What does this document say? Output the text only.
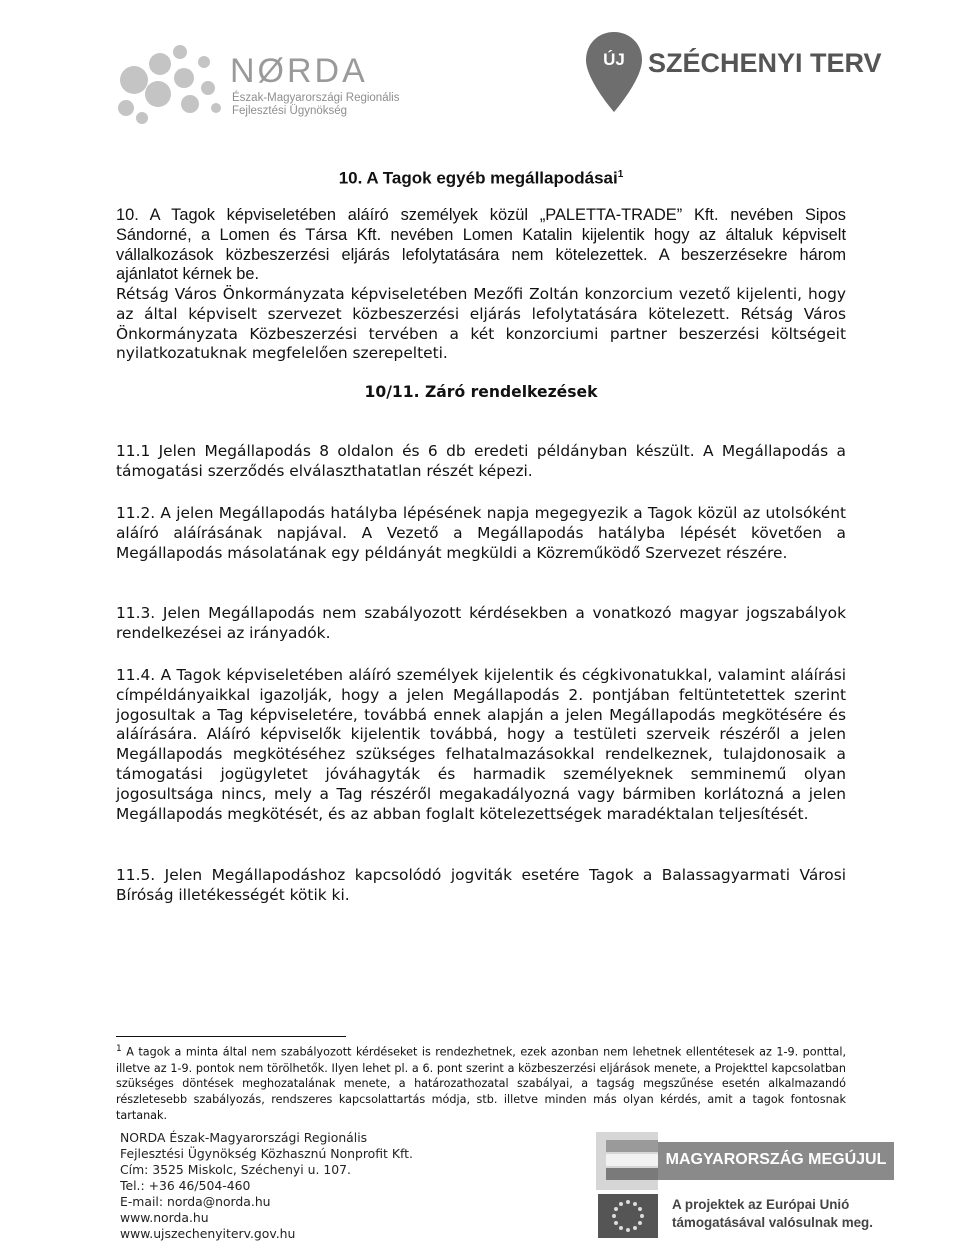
NØRDA
Észak-Magyarországi Regionális
Fejlesztési Ügynökség
ÚJ SZÉCHENYI TERV
10. A Tagok egyéb megállapodásai$^1$
10. A Tagok képviseletében aláíró személyek közül „PALETTA-TRADE” Kft. nevében Sipos Sándorné, a Lomen és Társa Kft. nevében Lomen Katalin kijelentik hogy az általuk képviselt vállalkozások közbeszerzési eljárás lefolytatására nem kötelezettek. A beszerzésekre három ajánlatot kérnek be.
Rétság Város Önkormányzata képviseletében Mezőfi Zoltán konzorcium vezető kijelenti, hogy az által képviselt szervezet közbeszerzési eljárás lefolytatására kötelezett. Rétság Város Önkormányzata Közbeszerzési tervében a két konzorciumi partner beszerzési költségeit nyilatkozatuknak megfelelően szerepelteti.
10/11. Záró rendelkezések
11.1 Jelen Megállapodás 8 oldalon és 6 db eredeti példányban készült. A Megállapodás a támogatási szerződés elválaszthatatlan részét képezi.
11.2. A jelen Megállapodás hatályba lépésének napja megegyezik a Tagok közül az utolsóként aláíró aláírásának napjával. A Vezető a Megállapodás hatályba lépését követően a Megállapodás másolatának egy példányát megküldi a Közreműködő Szervezet részére.
11.3. Jelen Megállapodás nem szabályozott kérdésekben a vonatkozó magyar jogszabályok rendelkezései az irányadók.
11.4. A Tagok képviseletében aláíró személyek kijelentik és cégkivonatukkal, valamint aláírási címpéldányaikkal igazolják, hogy a jelen Megállapodás 2. pontjában feltüntetettek szerint jogosultak a Tag képviseletére, továbbá ennek alapján a jelen Megállapodás megkötésére és aláírására. Aláíró képviselők kijelentik továbbá, hogy a testületi szerveik részéről a jelen Megállapodás megkötéséhez szükséges felhatalmazásokkal rendelkeznek, tulajdonosaik a támogatási jogügyletet jóváhagyták és harmadik személyeknek semminemű olyan jogosultsága nincs, mely a Tag részéről megakadályozná vagy bármiben korlátozná a jelen Megállapodás megkötését, és az abban foglalt kötelezettségek maradéktalan teljesítését.
11.5. Jelen Megállapodáshoz kapcsolódó jogviták esetére Tagok a Balassagyarmati Városi Bíróság illetékességét kötik ki.
$^1$ A tagok a minta által nem szabályozott kérdéseket is rendezhetnek, ezek azonban nem lehetnek ellentétesek az 1-9. ponttal, illetve az 1-9. pontok nem törölhetők. Ilyen lehet pl. a 6. pont szerint a közbeszerzési eljárások menete, a Projekttel kapcsolatban szükséges döntések meghozatalának menete, a határozathozatal szabályai, a tagság megszűnése esetén alkalmazandó részletesebb szabályozás, rendszeres kapcsolattartás módja, stb. illetve minden más olyan kérdés, amit a tagok fontosnak tartanak.
NORDA Észak-Magyarországi Regionális
Fejlesztési Ügynökség Közhasznú Nonprofit Kft.
Cím: 3525 Miskolc, Széchenyi u. 107.
Tel.: +36 46/504-460
E-mail: norda@norda.hu
www.norda.hu
www.ujszechenyiterv.gov.hu
MAGYARORSZÁG MEGÚJUL
A projektek az Európai Unió
támogatásával valósulnak meg.
